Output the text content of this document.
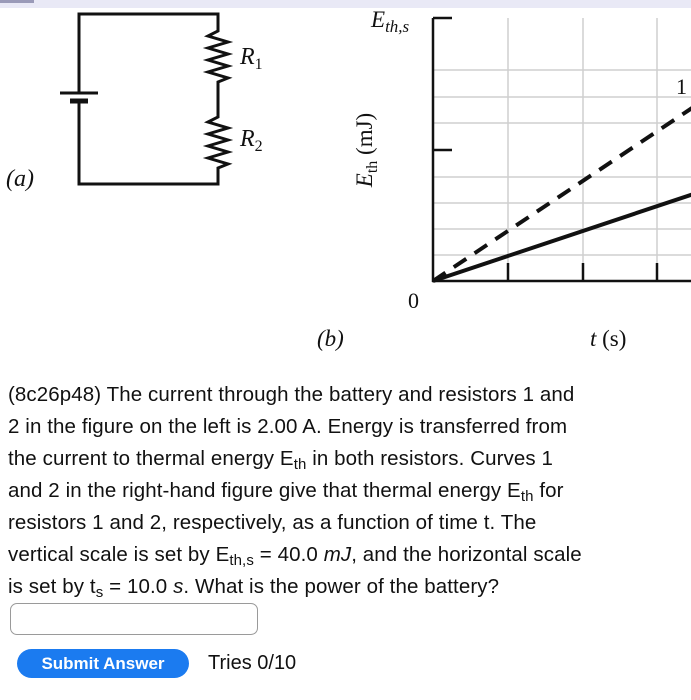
$R_1$
$R_2$
(a)
1
$E_{th,s}$
$E_{th}$ (mJ)
0
(b)	t (s)
(8c26p48) The current through the battery and resistors 1 and
2 in the figure on the left is 2.00 A. Energy is transferred from
the current to thermal energy $E_{th}$ in both resistors. Curves 1
and 2 in the right-hand figure give that thermal energy $E_{th}$ for
resistors 1 and 2, respectively, as a function of time t. The
vertical scale is set by $E_{th,s} = 40.0$ mJ, and the horizontal scale
is set by $t_s = 10.0$ s. What is the power of the battery?
Submit Answer	Tries 0/10
